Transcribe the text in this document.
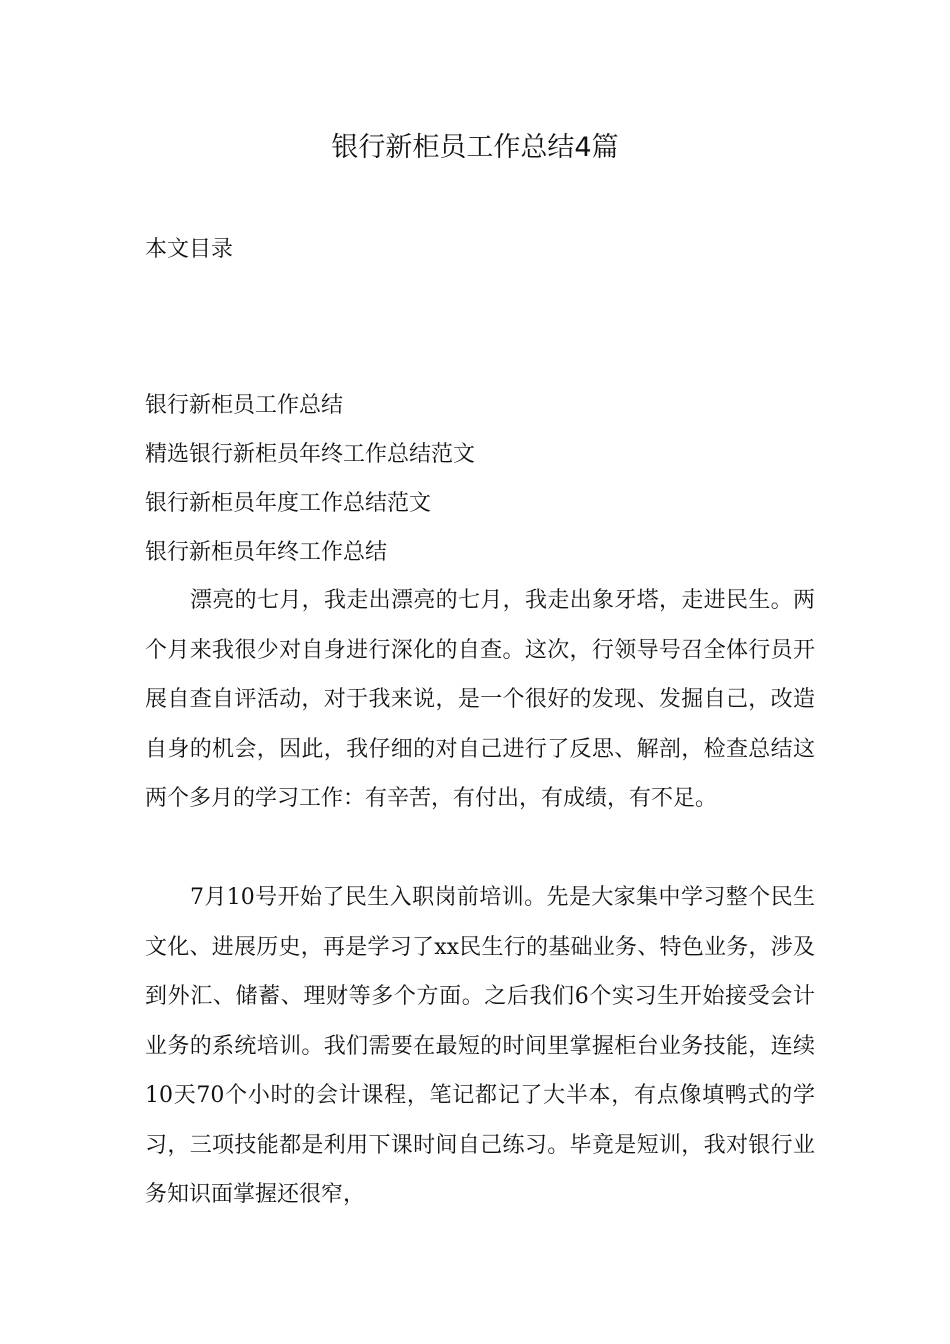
银行新柜员工作总结4篇
本文目录
银行新柜员工作总结
精选银行新柜员年终工作总结范文
银行新柜员年度工作总结范文
银行新柜员年终工作总结

漂亮的七月，我走出漂亮的七月，我走出象牙塔，走进民生。两个月来我很少对自身进行深化的自查。这次，行领导号召全体行员开展自查自评活动，对于我来说，是一个很好的发现、发掘自己，改造自身的机会，因此，我仔细的对自己进行了反思、解剖，检查总结这两个多月的学习工作：有辛苦，有付出，有成绩，有不足。

7月10号开始了民生入职岗前培训。先是大家集中学习整个民生文化、进展历史，再是学习了xx民生行的基础业务、特色业务，涉及到外汇、储蓄、理财等多个方面。之后我们6个实习生开始接受会计业务的系统培训。我们需要在最短的时间里掌握柜台业务技能，连续10天70个小时的会计课程，笔记都记了大半本，有点像填鸭式的学习，三项技能都是利用下课时间自己练习。毕竟是短训，我对银行业务知识面掌握还很窄，
